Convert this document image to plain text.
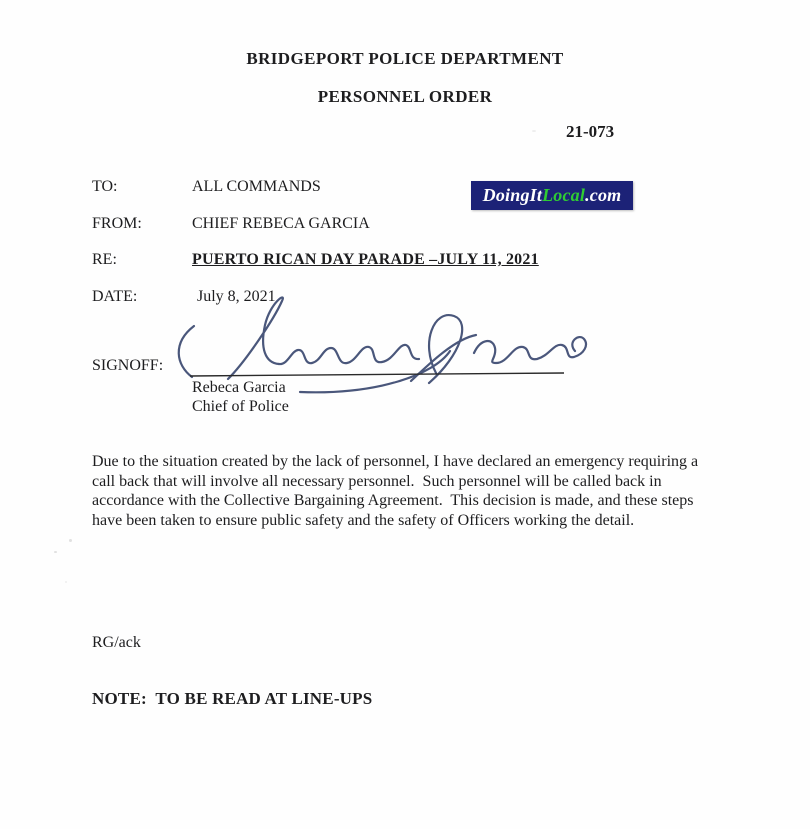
BRIDGEPORT POLICE DEPARTMENT
PERSONNEL ORDER
21-073
TO:	ALL COMMANDS	DoingIt Local .com
FROM:	CHIEF REBECA GARCIA
RE:	PUERTO RICAN DAY PARADE –JULY 11, 2021
DATE:	July 8, 2021
SIGNOFF:
Rebeca Garcia
Chief of Police
Due to the situation created by the lack of personnel, I have declared an emergency requiring a call back that will involve all necessary personnel.  Such personnel will be called back in accordance with the Collective Bargaining Agreement.  This decision is made, and these steps have been taken to ensure public safety and the safety of Officers working the detail.
RG/ack
NOTE:  TO BE READ AT LINE-UPS
